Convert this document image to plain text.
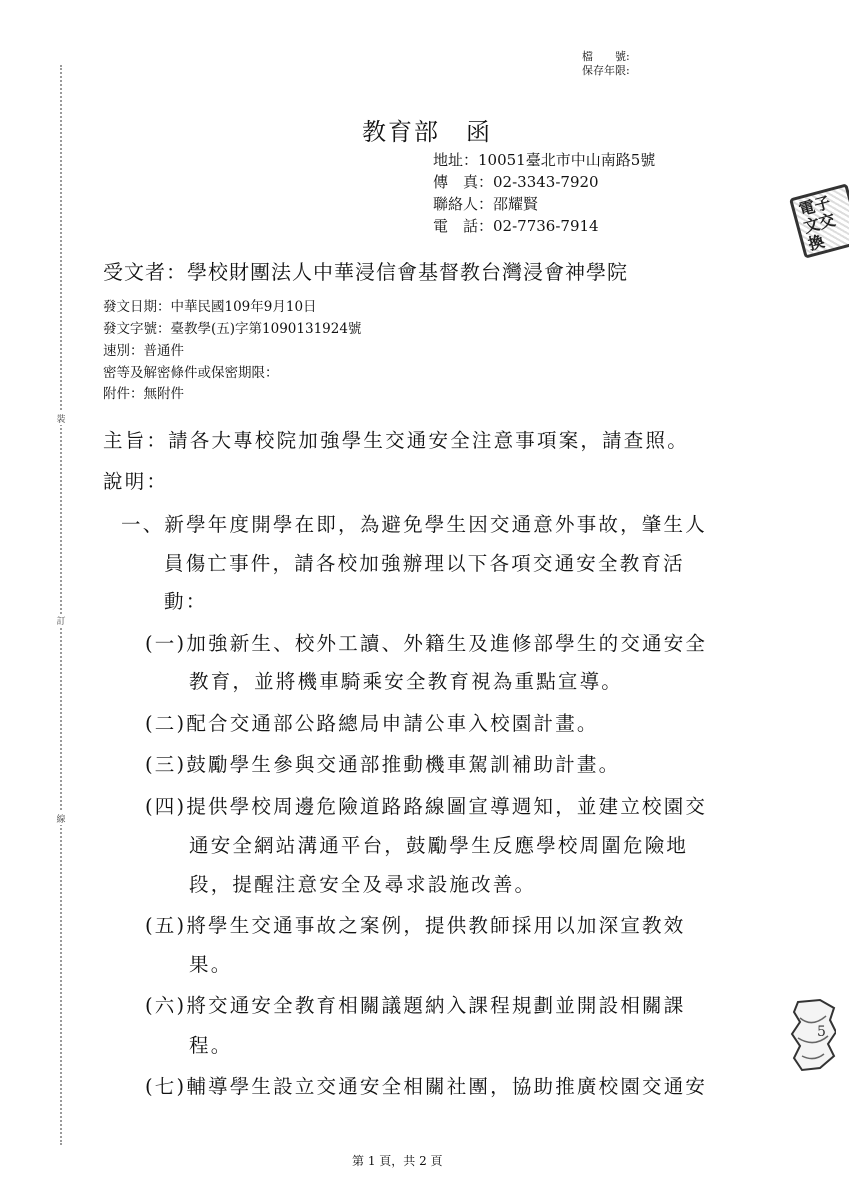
裝
訂
線
檔　　號:
保存年限:
教育部　函
地址：10051臺北市中山南路5號
傳　真：02-3343-7920
聯絡人：邵耀賢
電　話：02-7736-7914
電子文交換
受文者：學校財團法人中華浸信會基督教台灣浸會神學院
發文日期：中華民國109年9月10日
發文字號：臺教學(五)字第1090131924號
速別：普通件
密等及解密條件或保密期限：
附件：無附件
主旨：請各大專校院加強學生交通安全注意事項案，請查照。
說明：
一、新學年度開學在即，為避免學生因交通意外事故，肇生人
員傷亡事件，請各校加強辦理以下各項交通安全教育活
動：
(一)加強新生、校外工讀、外籍生及進修部學生的交通安全
教育，並將機車騎乘安全教育視為重點宣導。
(二)配合交通部公路總局申請公車入校園計畫。
(三)鼓勵學生參與交通部推動機車駕訓補助計畫。
(四)提供學校周邊危險道路路線圖宣導週知，並建立校園交
通安全網站溝通平台，鼓勵學生反應學校周圍危險地
段，提醒注意安全及尋求設施改善。
(五)將學生交通事故之案例，提供教師採用以加深宣教效
果。
(六)將交通安全教育相關議題納入課程規劃並開設相關課
程。
(七)輔導學生設立交通安全相關社團，協助推廣校園交通安
5
第 1 頁，共 2 頁
